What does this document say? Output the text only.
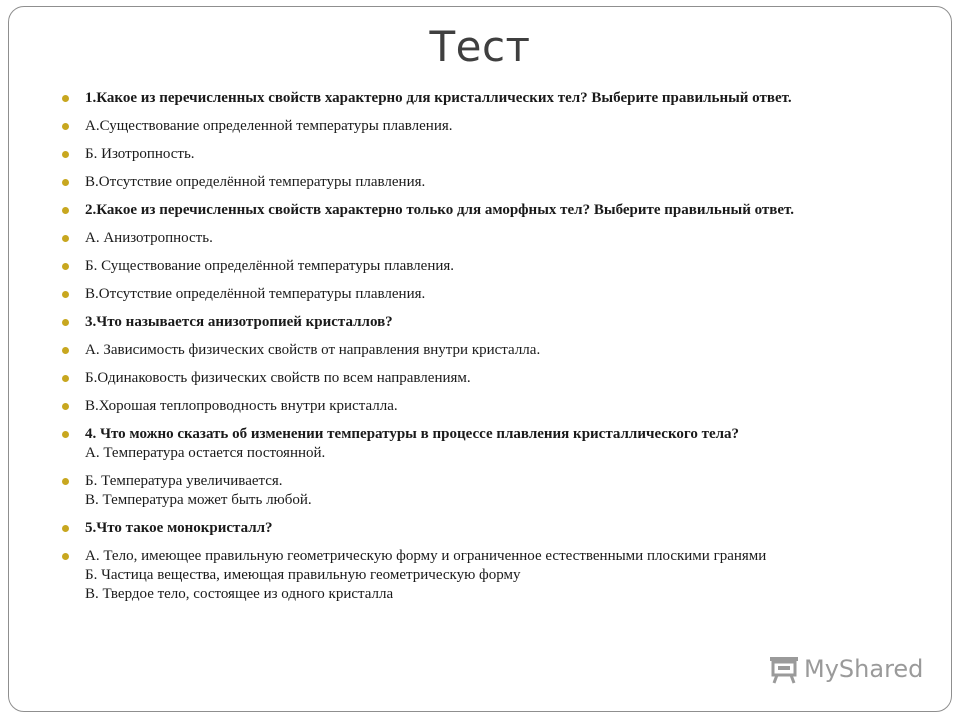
Тест
1.Какое из перечисленных свойств характерно для кристаллических тел? Выберите правильный ответ.
А.Существование определенной температуры плавления.
Б. Изотропность.
В.Отсутствие определённой температуры плавления.
2.Какое из перечисленных свойств характерно только для аморфных тел? Выберите правильный ответ.
А. Анизотропность.
Б. Существование определённой температуры плавления.
В.Отсутствие определённой температуры плавления.
3.Что называется анизотропией кристаллов?
А. Зависимость физических свойств от направления внутри кристалла.
Б.Одинаковость физических свойств по всем направлениям.
В.Хорошая теплопроводность внутри кристалла.
4. Что можно сказать об изменении температуры в процессе плавления кристаллического тела?
А. Температура остается постоянной.
Б. Температура увеличивается.
В. Температура может быть любой.
5.Что такое монокристалл?
А. Тело, имеющее правильную геометрическую форму и ограниченное естественными плоскими гранями
Б. Частица вещества, имеющая правильную геометрическую форму
В. Твердое тело, состоящее из одного кристалла
MyShared
